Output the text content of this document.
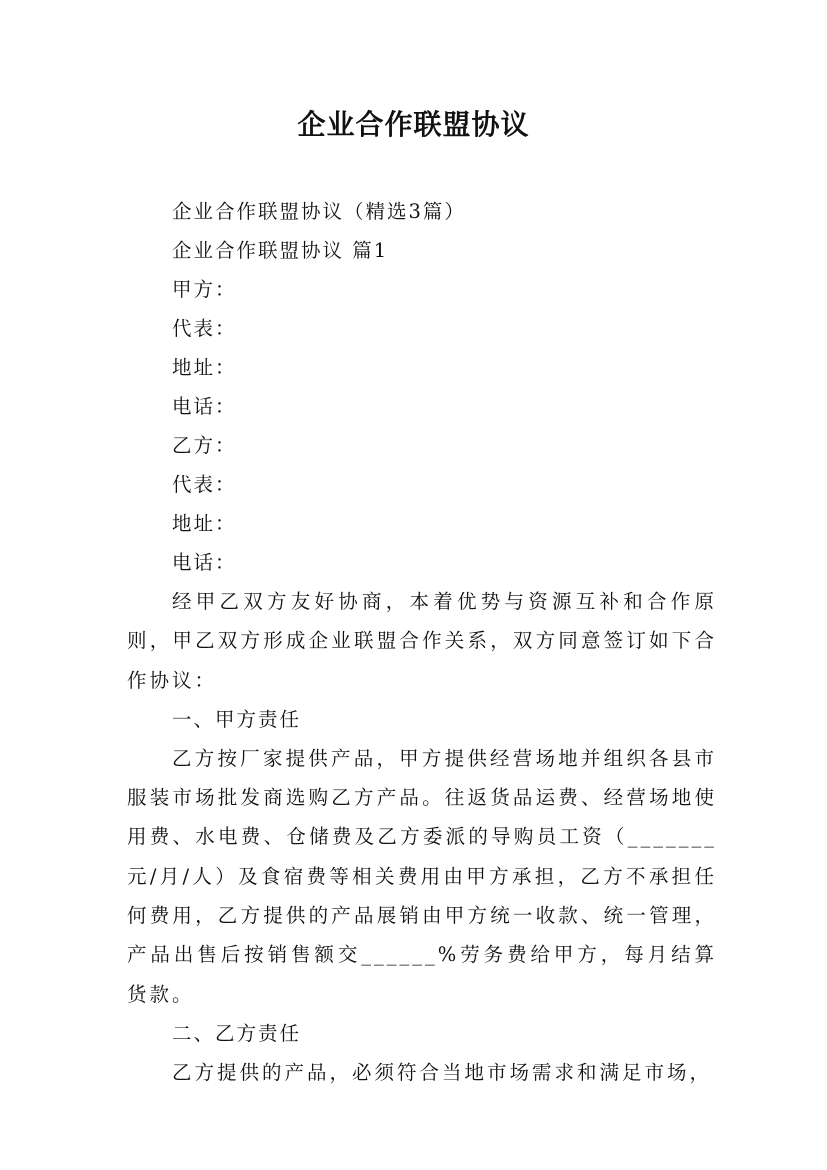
企业合作联盟协议
企业合作联盟协议（精选3篇）
企业合作联盟协议 篇1
甲方：
代表：
地址：
电话：
乙方：
代表：
地址：
电话：

经甲乙双方友好协商，本着优势与资源互补和合作原则，甲乙双方形成企业联盟合作关系，双方同意签订如下合作协议：

一、甲方责任

乙方按厂家提供产品，甲方提供经营场地并组织各县市服装市场批发商选购乙方产品。往返货品运费、经营场地使用费、水电费、仓储费及乙方委派的导购员工资（_______元/月/人）及食宿费等相关费用由甲方承担，乙方不承担任何费用，乙方提供的产品展销由甲方统一收款、统一管理，产品出售后按销售额交______%劳务费给甲方，每月结算货款。

二、乙方责任

乙方提供的产品，必须符合当地市场需求和满足市场，
